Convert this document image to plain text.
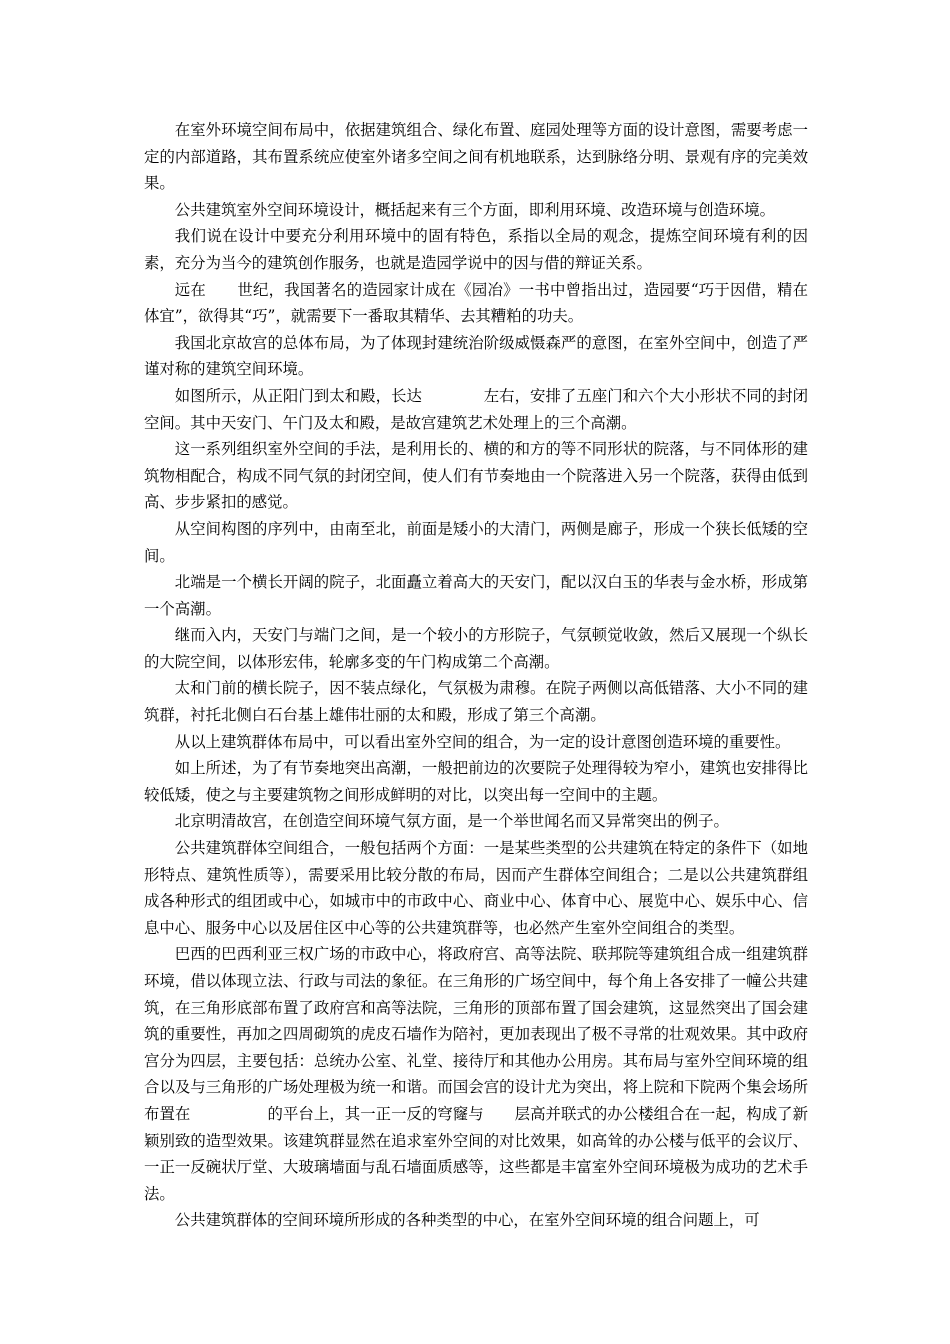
在室外环境空间布局中，依据建筑组合、绿化布置、庭园处理等方面的设计意图，需要考虑一定的内部道路，其布置系统应使室外诸多空间之间有机地联系，达到脉络分明、景观有序的完美效果。

公共建筑室外空间环境设计，概括起来有三个方面，即利用环境、改造环境与创造环境。

我们说在设计中要充分利用环境中的固有特色，系指以全局的观念，提炼空间环境有利的因素，充分为当今的建筑创作服务，也就是造园学说中的因与借的辩证关系。

远在　　世纪，我国著名的造园家计成在《园冶》一书中曾指出过，造园要“巧于因借，精在体宜”，欲得其“巧”，就需要下一番取其精华、去其糟粕的功夫。

我国北京故宫的总体布局，为了体现封建统治阶级威慑森严的意图，在室外空间中，创造了严谨对称的建筑空间环境。

如图所示，从正阳门到太和殿，长达　　　　左右，安排了五座门和六个大小形状不同的封闭空间。其中天安门、午门及太和殿，是故宫建筑艺术处理上的三个高潮。

这一系列组织室外空间的手法，是利用长的、横的和方的等不同形状的院落，与不同体形的建筑物相配合，构成不同气氛的封闭空间，使人们有节奏地由一个院落进入另一个院落，获得由低到高、步步紧扣的感觉。

从空间构图的序列中，由南至北，前面是矮小的大清门，两侧是廊子，形成一个狭长低矮的空间。

北端是一个横长开阔的院子，北面矗立着高大的天安门，配以汉白玉的华表与金水桥，形成第一个高潮。

继而入内，天安门与端门之间，是一个较小的方形院子，气氛顿觉收敛，然后又展现一个纵长的大院空间，以体形宏伟，轮廓多变的午门构成第二个高潮。

太和门前的横长院子，因不装点绿化，气氛极为肃穆。在院子两侧以高低错落、大小不同的建筑群，衬托北侧白石台基上雄伟壮丽的太和殿，形成了第三个高潮。

从以上建筑群体布局中，可以看出室外空间的组合，为一定的设计意图创造环境的重要性。

如上所述，为了有节奏地突出高潮，一般把前边的次要院子处理得较为窄小，建筑也安排得比较低矮，使之与主要建筑物之间形成鲜明的对比，以突出每一空间中的主题。

北京明清故宫，在创造空间环境气氛方面，是一个举世闻名而又异常突出的例子。

公共建筑群体空间组合，一般包括两个方面：一是某些类型的公共建筑在特定的条件下（如地形特点、建筑性质等），需要采用比较分散的布局，因而产生群体空间组合；二是以公共建筑群组成各种形式的组团或中心，如城市中的市政中心、商业中心、体育中心、展览中心、娱乐中心、信息中心、服务中心以及居住区中心等的公共建筑群等，也必然产生室外空间组合的类型。

巴西的巴西利亚三权广场的市政中心，将政府宫、高等法院、联邦院等建筑组合成一组建筑群环境，借以体现立法、行政与司法的象征。在三角形的广场空间中，每个角上各安排了一幢公共建筑，在三角形底部布置了政府宫和高等法院，三角形的顶部布置了国会建筑，这显然突出了国会建筑的重要性，再加之四周砌筑的虎皮石墙作为陪衬，更加表现出了极不寻常的壮观效果。其中政府宫分为四层，主要包括：总统办公室、礼堂、接待厅和其他办公用房。其布局与室外空间环境的组合以及与三角形的广场处理极为统一和谐。而国会宫的设计尤为突出，将上院和下院两个集会场所布置在　　　　　的平台上，其一正一反的穹窿与　　层高并联式的办公楼组合在一起，构成了新颖别致的造型效果。该建筑群显然在追求室外空间的对比效果，如高耸的办公楼与低平的会议厅、一正一反碗状厅堂、大玻璃墙面与乱石墙面质感等，这些都是丰富室外空间环境极为成功的艺术手法。

公共建筑群体的空间环境所形成的各种类型的中心，在室外空间环境的组合问题上，可
